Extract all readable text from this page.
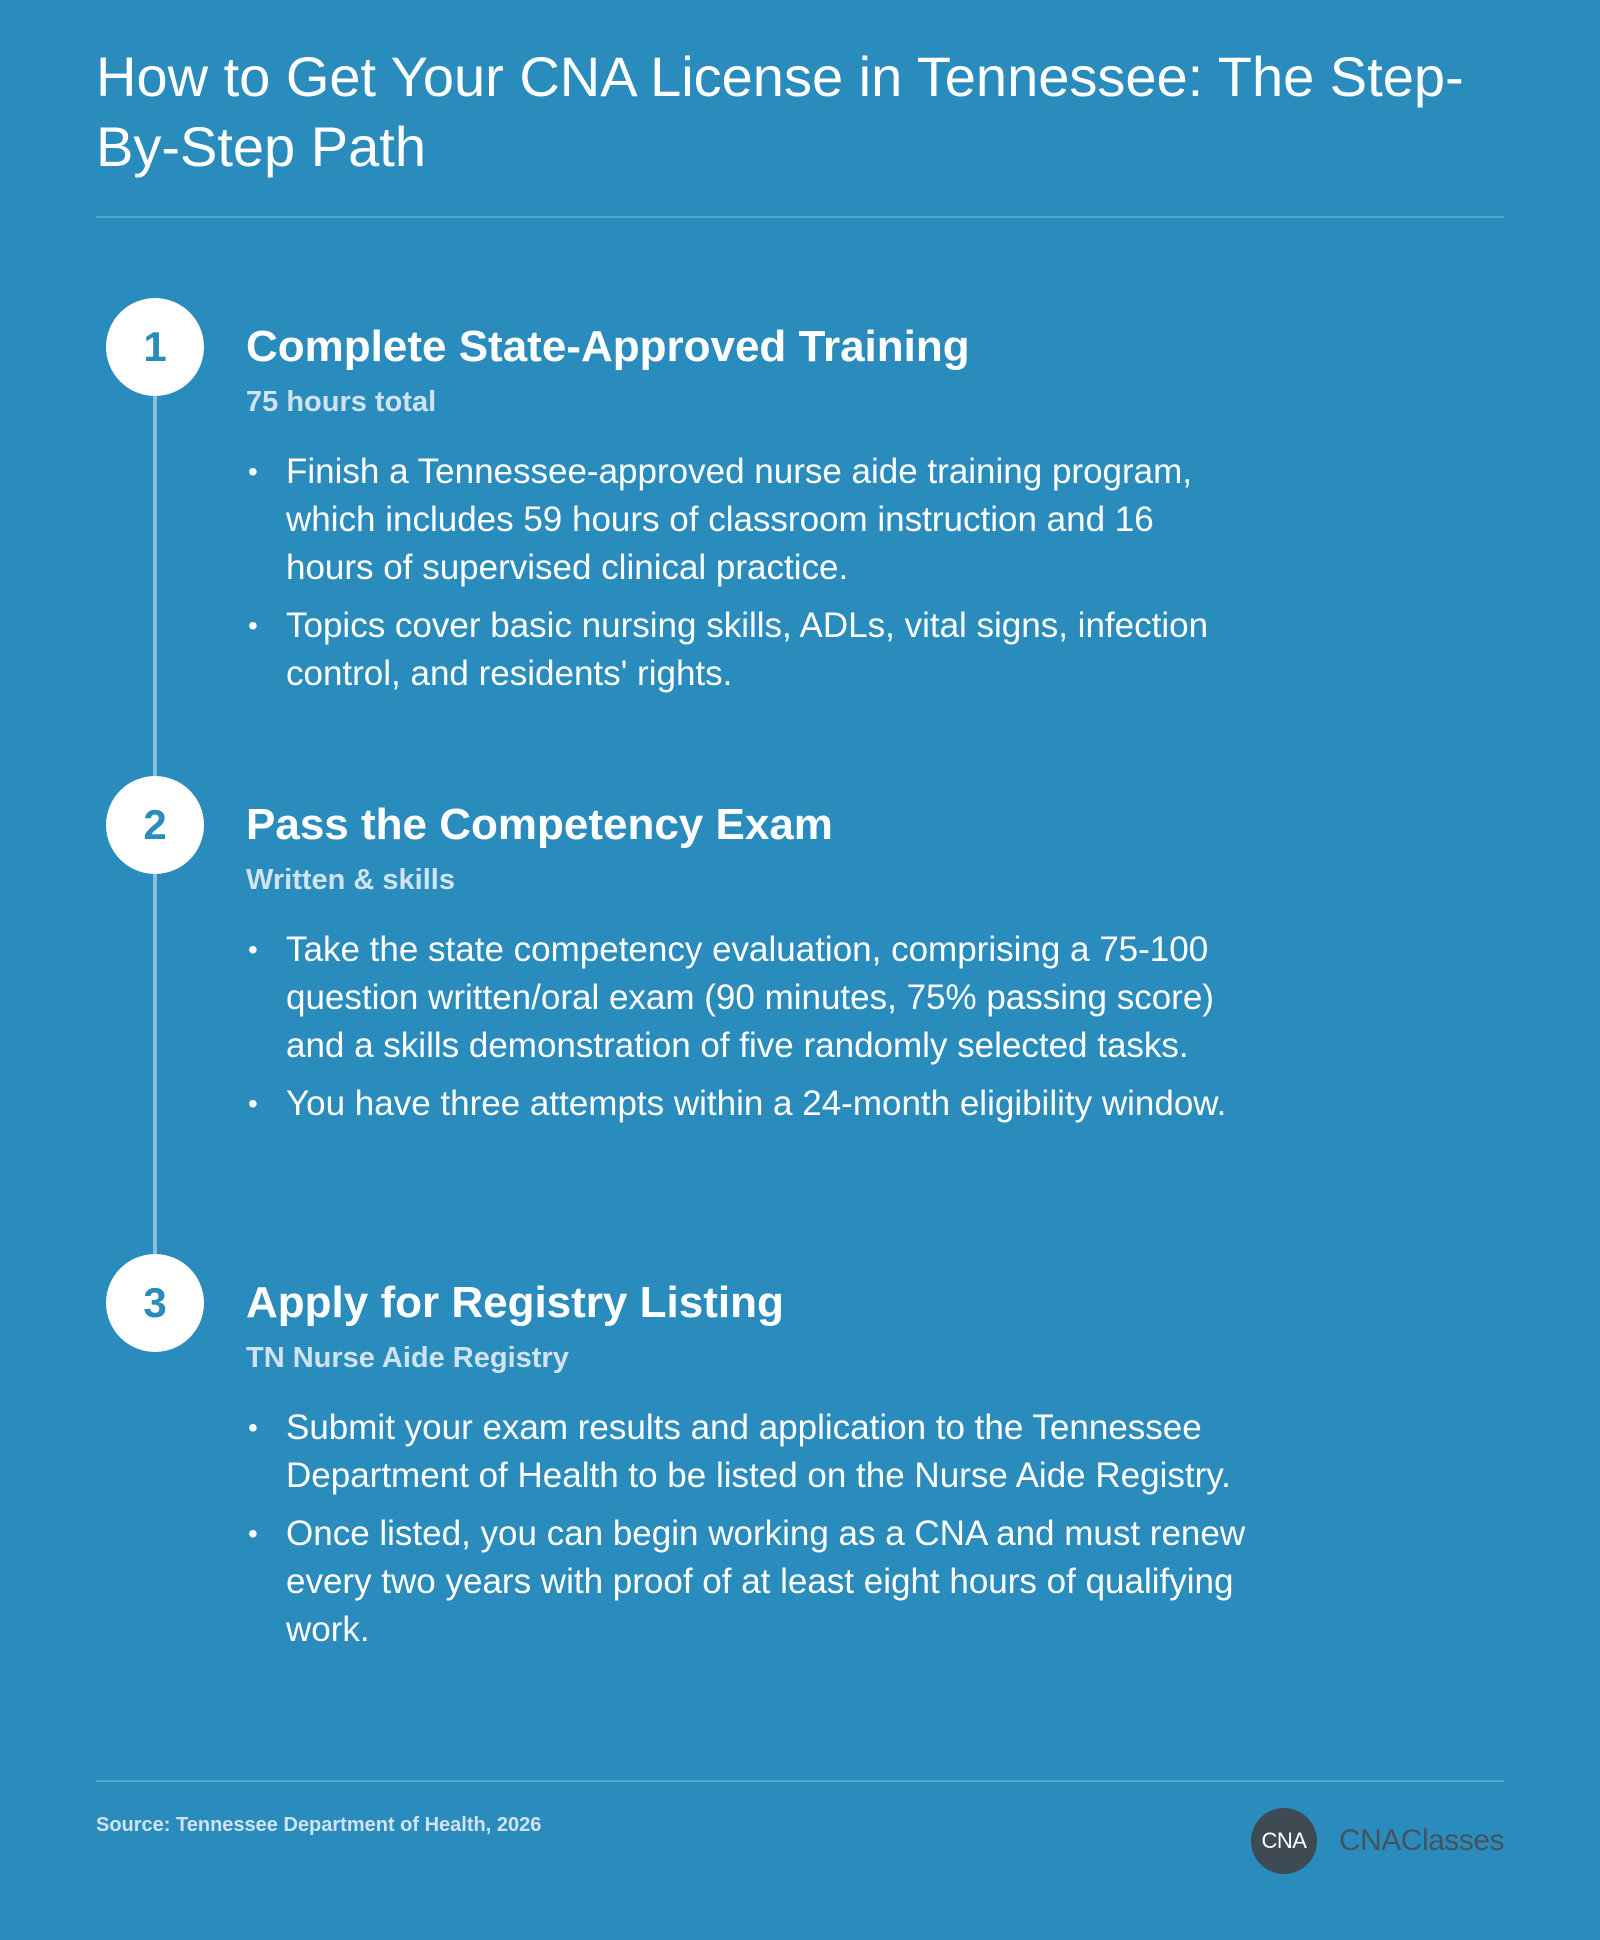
How to Get Your CNA License in Tennessee: The Step-By-Step Path
1	Complete State-Approved Training
75 hours total
• Finish a Tennessee-approved nurse aide training program, which includes 59 hours of classroom instruction and 16 hours of supervised clinical practice.
• Topics cover basic nursing skills, ADLs, vital signs, infection control, and residents' rights.
2	Pass the Competency Exam
Written & skills
• Take the state competency evaluation, comprising a 75-100 question written/oral exam (90 minutes, 75% passing score) and a skills demonstration of five randomly selected tasks.
• You have three attempts within a 24-month eligibility window.
3	Apply for Registry Listing
TN Nurse Aide Registry
• Submit your exam results and application to the Tennessee Department of Health to be listed on the Nurse Aide Registry.
• Once listed, you can begin working as a CNA and must renew every two years with proof of at least eight hours of qualifying work.
Source: Tennessee Department of Health, 2026
CNA	CNAClasses
